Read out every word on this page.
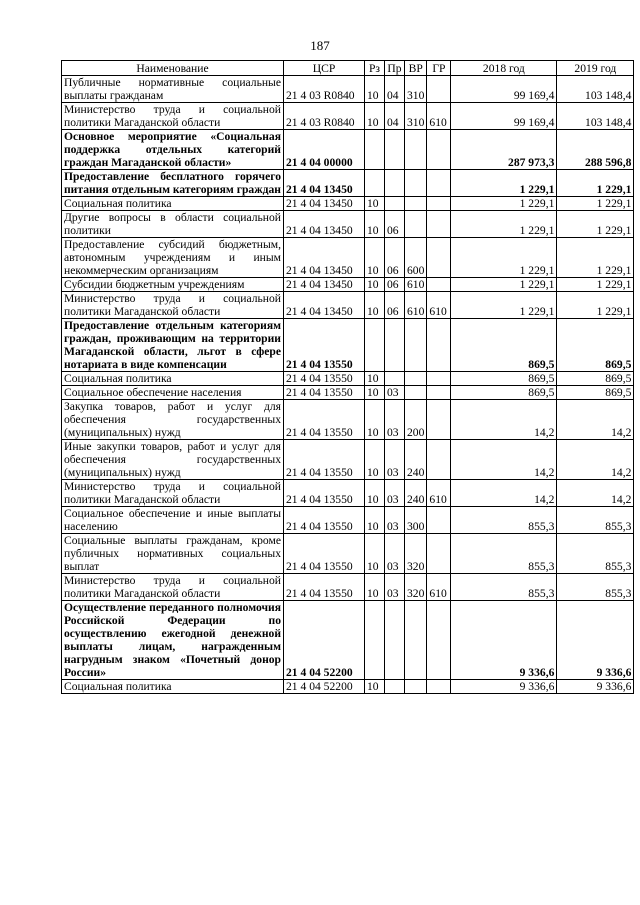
187
Наименование	ЦСР	Рз	Пр	ВР	ГР	2018 год	2019 год
Публичные нормативные социальные выплаты гражданам	21 4 03 R0840	10	04	310		99 169,4	103 148,4
Министерство труда и социальной политики Магаданской области	21 4 03 R0840	10	04	310	610	99 169,4	103 148,4
Основное мероприятие «Социальная поддержка отдельных категорий граждан Магаданской области»	21 4 04 00000					287 973,3	288 596,8
Предоставление бесплатного горячего питания отдельным категориям граждан	21 4 04 13450					1 229,1	1 229,1
Социальная политика	21 4 04 13450	10				1 229,1	1 229,1
Другие вопросы в области социальной политики	21 4 04 13450	10	06			1 229,1	1 229,1
Предоставление субсидий бюджетным, автономным учреждениям и иным некоммерческим организациям	21 4 04 13450	10	06	600		1 229,1	1 229,1
Субсидии бюджетным учреждениям	21 4 04 13450	10	06	610		1 229,1	1 229,1
Министерство труда и социальной политики Магаданской области	21 4 04 13450	10	06	610	610	1 229,1	1 229,1
Предоставление отдельным категориям граждан, проживающим на территории Магаданской области, льгот в сфере нотариата в виде компенсации	21 4 04 13550					869,5	869,5
Социальная политика	21 4 04 13550	10				869,5	869,5
Социальное обеспечение населения	21 4 04 13550	10	03			869,5	869,5
Закупка товаров, работ и услуг для обеспечения государственных (муниципальных) нужд	21 4 04 13550	10	03	200		14,2	14,2
Иные закупки товаров, работ и услуг для обеспечения государственных (муниципальных) нужд	21 4 04 13550	10	03	240		14,2	14,2
Министерство труда и социальной политики Магаданской области	21 4 04 13550	10	03	240	610	14,2	14,2
Социальное обеспечение и иные выплаты населению	21 4 04 13550	10	03	300		855,3	855,3
Социальные выплаты гражданам, кроме публичных нормативных социальных выплат	21 4 04 13550	10	03	320		855,3	855,3
Министерство труда и социальной политики Магаданской области	21 4 04 13550	10	03	320	610	855,3	855,3
Осуществление переданного полномочия Российской Федерации по осуществлению ежегодной денежной выплаты лицам, награжденным нагрудным знаком «Почетный донор России»	21 4 04 52200					9 336,6	9 336,6
Социальная политика	21 4 04 52200	10				9 336,6	9 336,6
